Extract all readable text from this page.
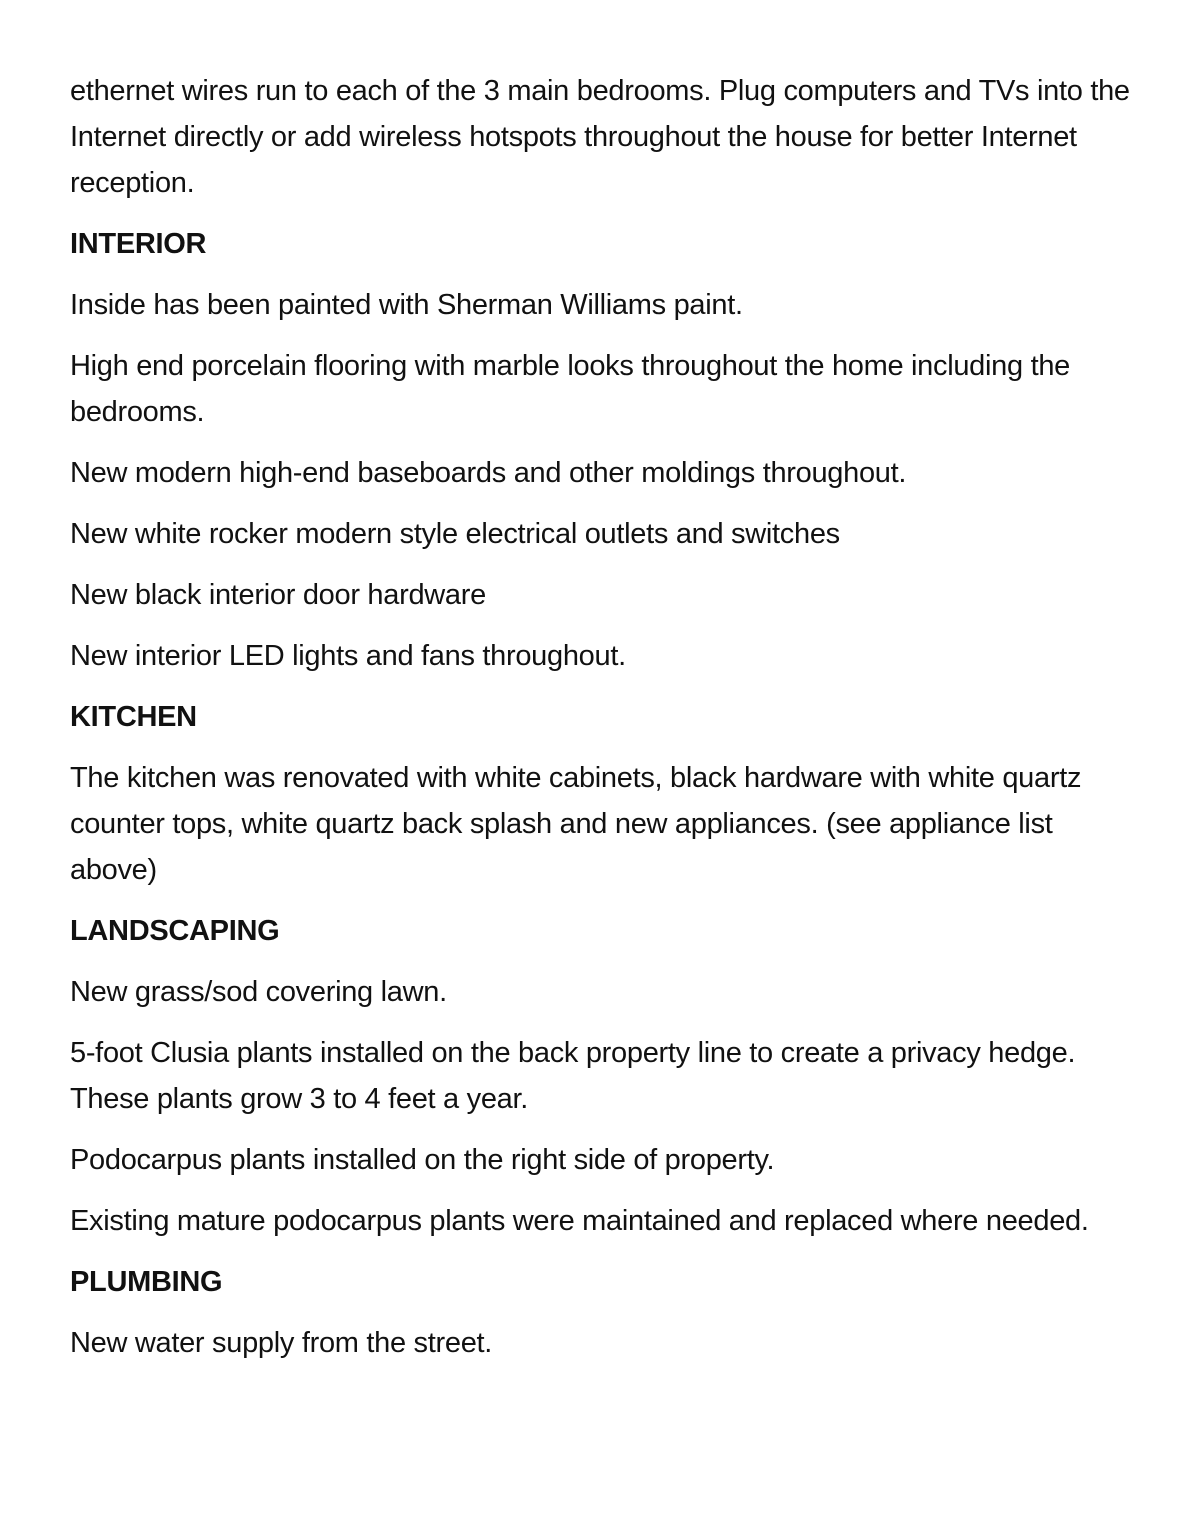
ethernet wires run to each of the 3 main bedrooms. Plug computers and TVs into the Internet directly or add wireless hotspots throughout the house for better Internet reception.

INTERIOR

Inside has been painted with Sherman Williams paint.

High end porcelain flooring with marble looks throughout the home including the bedrooms.

New modern high-end baseboards and other moldings throughout.

New white rocker modern style electrical outlets and switches

New black interior door hardware

New interior LED lights and fans throughout.

KITCHEN

The kitchen was renovated with white cabinets, black hardware with white quartz counter tops, white quartz back splash and new appliances. (see appliance list above)

LANDSCAPING

New grass/sod covering lawn.

5-foot Clusia plants installed on the back property line to create a privacy hedge. These plants grow 3 to 4 feet a year.

Podocarpus plants installed on the right side of property.

Existing mature podocarpus plants were maintained and replaced where needed.

PLUMBING

New water supply from the street.
